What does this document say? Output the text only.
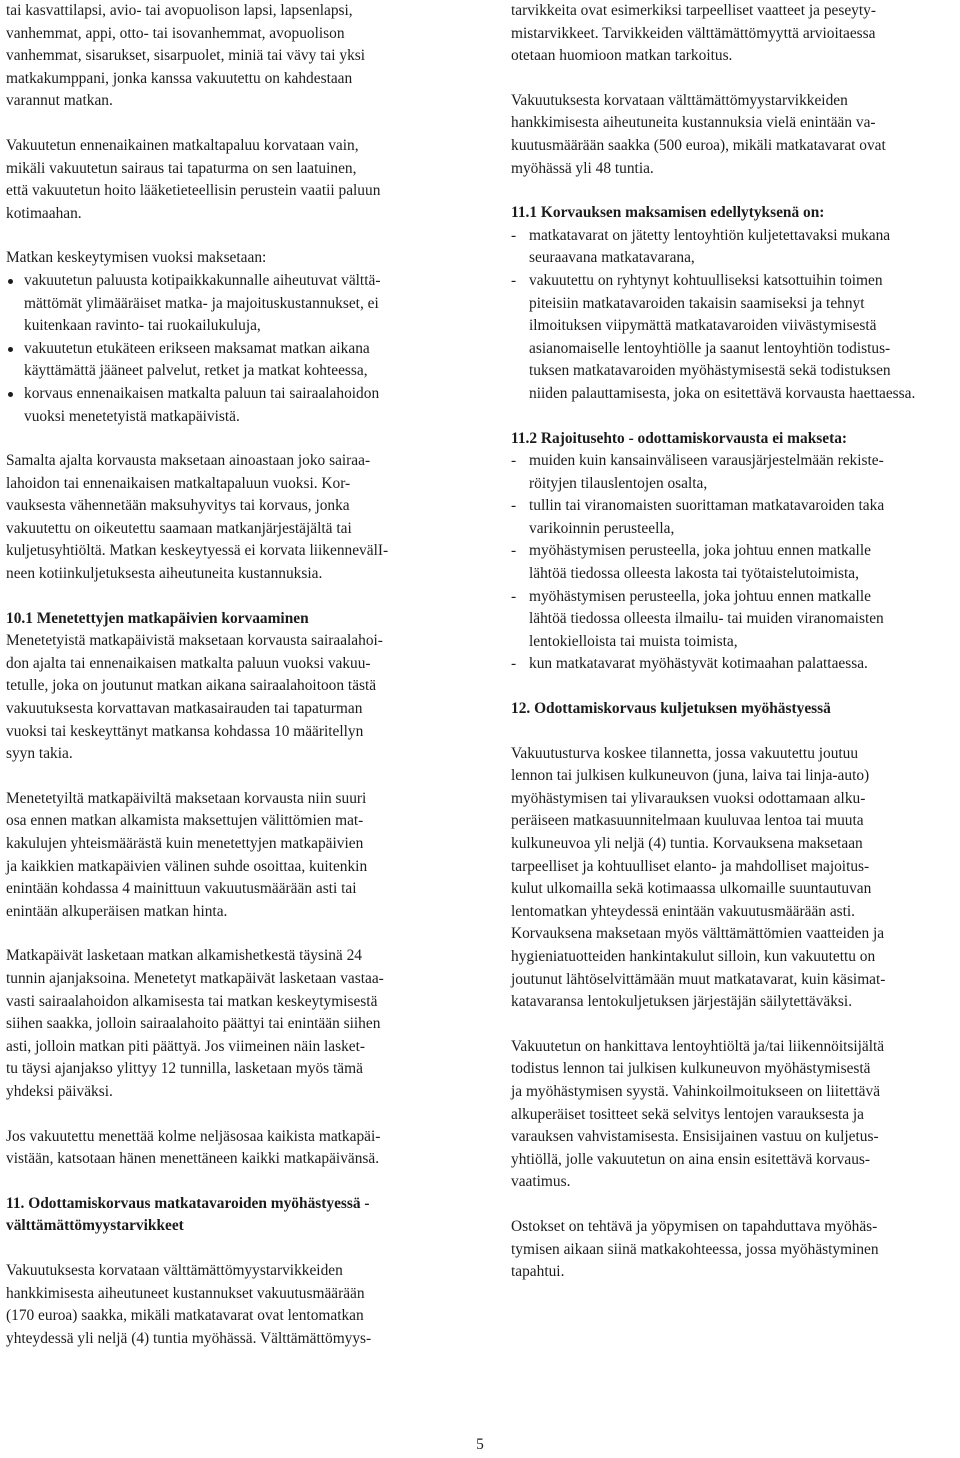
tai kasvattilapsi, avio- tai avopuolison lapsi, lapsenlapsi,
vanhemmat, appi, otto- tai isovanhemmat, avopuolison
vanhemmat, sisarukset, sisarpuolet, miniä tai vävy tai yksi
matkakumppani, jonka kanssa vakuutettu on kahdestaan
varannut matkan.

Vakuutetun ennenaikainen matkaltapaluu korvataan vain,
mikäli vakuutetun sairaus tai tapaturma on sen laatuinen,
että vakuutetun hoito lääketieteellisin perustein vaatii paluun
kotimaahan.

Matkan keskeytymisen vuoksi maksetaan:

vakuutetun paluusta kotipaikkakunnalle aiheutuvat välttä-
mättömät ylimääräiset matka- ja majoituskustannukset, ei
kuitenkaan ravinto- tai ruokailukuluja,
vakuutetun etukäteen erikseen maksamat matkan aikana
käyttämättä jääneet palvelut, retket ja matkat kohteessa,
korvaus ennenaikaisen matkalta paluun tai sairaalahoidon
vuoksi menetetyistä matkapäivistä.

Samalta ajalta korvausta maksetaan ainoastaan joko sairaa-
lahoidon tai ennenaikaisen matkaltapaluun vuoksi. Kor-
vauksesta vähennetään maksuhyvitys tai korvaus, jonka
vakuutettu on oikeutettu saamaan matkanjärjestäjältä tai
kuljetusyhtiöltä. Matkan keskeytyessä ei korvata liikennevälI-
neen kotiinkuljetuksesta aiheutuneita kustannuksia.

10.1 Menetettyjen matkapäivien korvaaminen

Menetetyistä matkapäivistä maksetaan korvausta sairaalahoi-
don ajalta tai ennenaikaisen matkalta paluun vuoksi vakuu-
tetulle, joka on joutunut matkan aikana sairaalahoitoon tästä
vakuutuksesta korvattavan matkasairauden tai tapaturman
vuoksi tai keskeyttänyt matkansa kohdassa 10 määritellyn
syyn takia.

Menetetyiltä matkapäiviltä maksetaan korvausta niin suuri
osa ennen matkan alkamista maksettujen välittömien mat-
kakulujen yhteismäärästä kuin menetettyjen matkapäivien
ja kaikkien matkapäivien välinen suhde osoittaa, kuitenkin
enintään kohdassa 4 mainittuun vakuutusmäärään asti tai
enintään alkuperäisen matkan hinta.

Matkapäivät lasketaan matkan alkamishetkestä täysinä 24
tunnin ajanjaksoina. Menetetyt matkapäivät lasketaan vastaa-
vasti sairaalahoidon alkamisesta tai matkan keskeytymisestä
siihen saakka, jolloin sairaalahoito päättyi tai enintään siihen
asti, jolloin matkan piti päättyä. Jos viimeinen näin lasket-
tu täysi ajanjakso ylittyy 12 tunnilla, lasketaan myös tämä
yhdeksi päiväksi.

Jos vakuutettu menettää kolme neljäsosaa kaikista matkapäi-
vistään, katsotaan hänen menettäneen kaikki matkapäivänsä.

11. Odottamiskorvaus matkatavaroiden myöhästyessä -
välttämättömyystarvikkeet

Vakuutuksesta korvataan välttämättömyystarvikkeiden
hankkimisesta aiheutuneet kustannukset vakuutusmäärään
(170 euroa) saakka, mikäli matkatavarat ovat lentomatkan
yhteydessä yli neljä (4) tuntia myöhässä. Välttämättömyys-

tarvikkeita ovat esimerkiksi tarpeelliset vaatteet ja peseyty-
mistarvikkeet. Tarvikkeiden välttämättömyyttä arvioitaessa
otetaan huomioon matkan tarkoitus.

Vakuutuksesta korvataan välttämättömyystarvikkeiden
hankkimisesta aiheutuneita kustannuksia vielä enintään va-
kuutusmäärään saakka (500 euroa), mikäli matkatavarat ovat
myöhässä yli 48 tuntia.

11.1 Korvauksen maksamisen edellytyksenä on:
- matkatavarat on jätetty lentoyhtiön kuljetettavaksi mukana
seuraavana matkatavarana,
- vakuutettu on ryhtynyt kohtuulliseksi katsottuihin toimen
piteisiin matkatavaroiden takaisin saamiseksi ja tehnyt
ilmoituksen viipymättä matkatavaroiden viivästymisestä
asianomaiselle lentoyhtiölle ja saanut lentoyhtiön todistus-
tuksen matkatavaroiden myöhästymisestä sekä todistuksen
niiden palauttamisesta, joka on esitettävä korvausta haettaessa.
11.2 Rajoitusehto - odottamiskorvausta ei makseta:
- muiden kuin kansainväliseen varausjärjestelmään rekiste-
röityjen tilauslentojen osalta,
- tullin tai viranomaisten suorittaman matkatavaroiden taka
varikoinnin perusteella,
- myöhästymisen perusteella, joka johtuu ennen matkalle
lähtöä tiedossa olleesta lakosta tai työtaistelutoimista,
- myöhästymisen perusteella, joka johtuu ennen matkalle
lähtöä tiedossa olleesta ilmailu- tai muiden viranomaisten
lentokielloista tai muista toimista,
- kun matkatavarat myöhästyvät kotimaahan palattaessa.
12. Odottamiskorvaus kuljetuksen myöhästyessä

Vakuutusturva koskee tilannetta, jossa vakuutettu joutuu
lennon tai julkisen kulkuneuvon (juna, laiva tai linja-auto)
myöhästymisen tai ylivarauksen vuoksi odottamaan alku-
peräiseen matkasuunnitelmaan kuuluvaa lentoa tai muuta
kulkuneuvoa yli neljä (4) tuntia. Korvauksena maksetaan
tarpeelliset ja kohtuulliset elanto- ja mahdolliset majoitus-
kulut ulkomailla sekä kotimaassa ulkomaille suuntautuvan
lentomatkan yhteydessä enintään vakuutusmäärään asti.
Korvauksena maksetaan myös välttämättömien vaatteiden ja
hygieniatuotteiden hankintakulut silloin, kun vakuutettu on
joutunut lähtöselvittämään muut matkatavarat, kuin käsimat-
katavaransa lentokuljetuksen järjestäjän säilytettäväksi.

Vakuutetun on hankittava lentoyhtiöltä ja/tai liikennöitsijältä
todistus lennon tai julkisen kulkuneuvon myöhästymisestä
ja myöhästymisen syystä. Vahinkoilmoitukseen on liitettävä
alkuperäiset tositteet sekä selvitys lentojen varauksesta ja
varauksen vahvistamisesta. Ensisijainen vastuu on kuljetus-
yhtiöllä, jolle vakuutetun on aina ensin esitettävä korvaus-
vaatimus.

Ostokset on tehtävä ja yöpymisen on tapahduttava myöhäs-
tymisen aikaan siinä matkakohteessa, jossa myöhästyminen
tapahtui.

5
